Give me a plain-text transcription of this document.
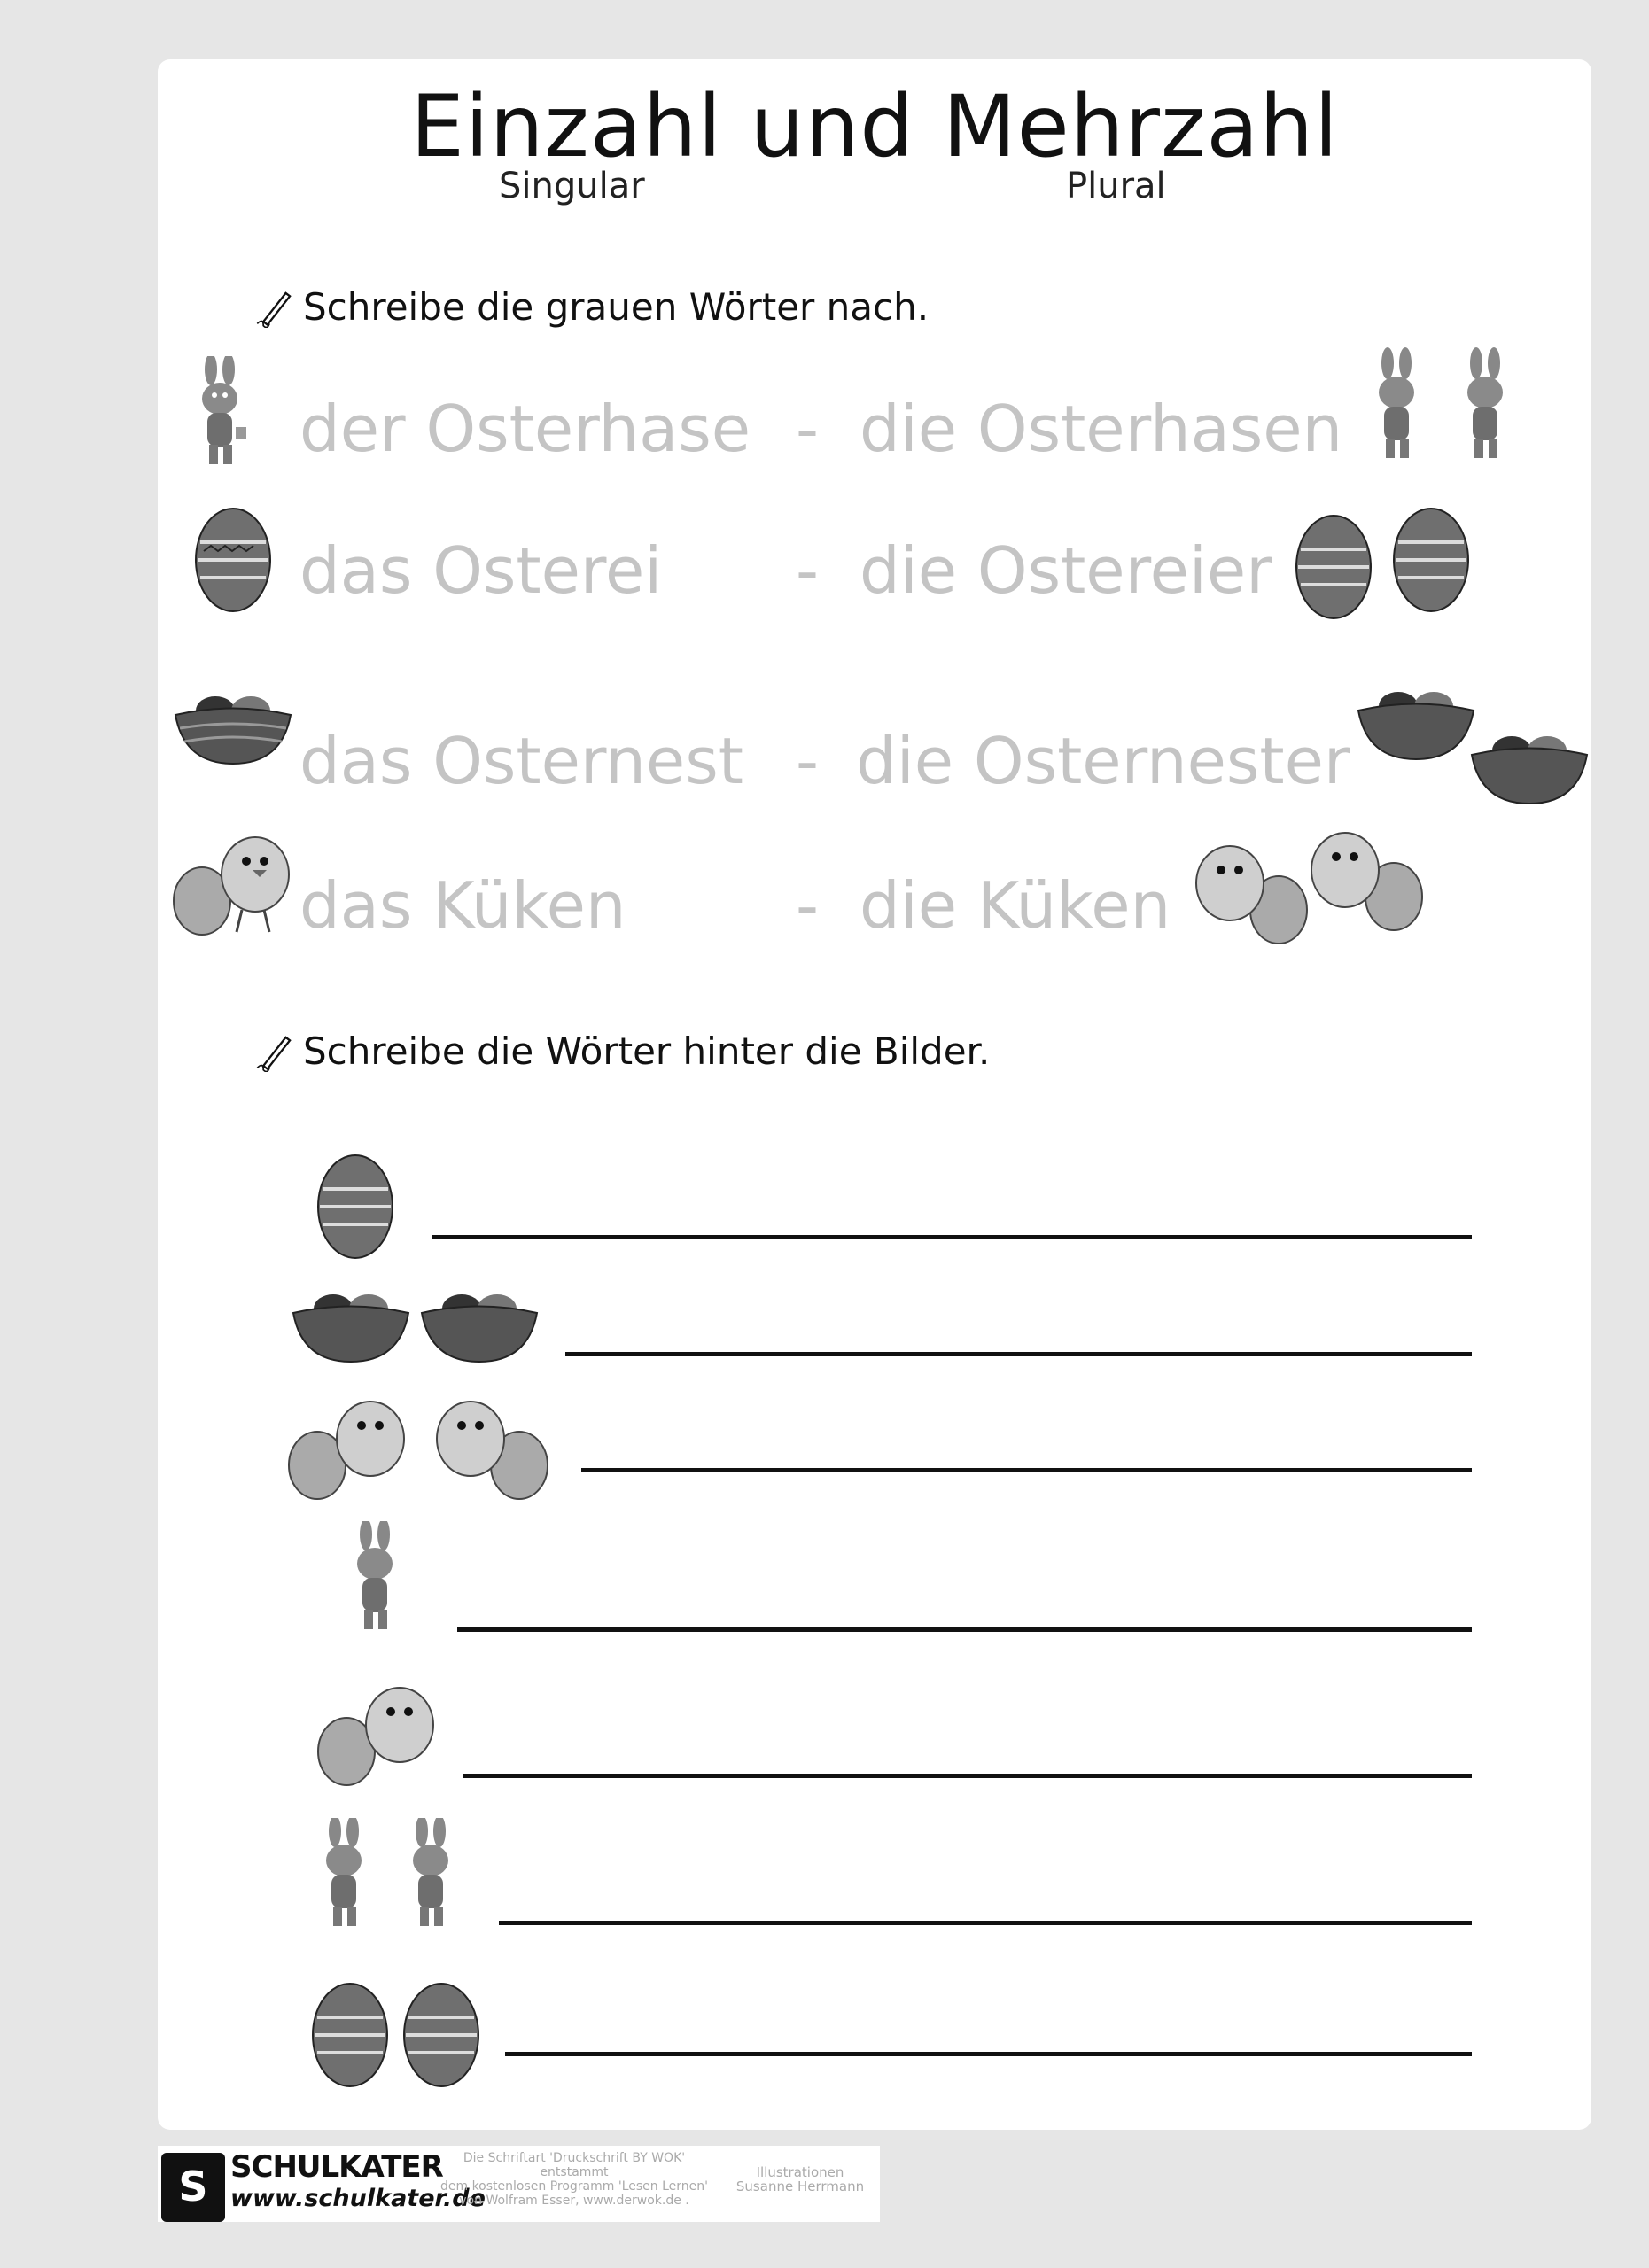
Einzahl und Mehrzahl
Singular	Plural
Schreibe die grauen Wörter nach.
der Osterhase - die Osterhasen
das Osterei - die Ostereier
das Osternest - die Osternester
das Küken	- die Küken
Schreibe die Wörter hinter die Bilder.
S SCHULKATER
www.schulkater.de
Die Schriftart 'Druckschrift BY WOK'
entstammt
dem kostenlosen Programm 'Lesen Lernen'
von Wolfram Esser, www.derwok.de .
Illustrationen
Susanne Herrmann
